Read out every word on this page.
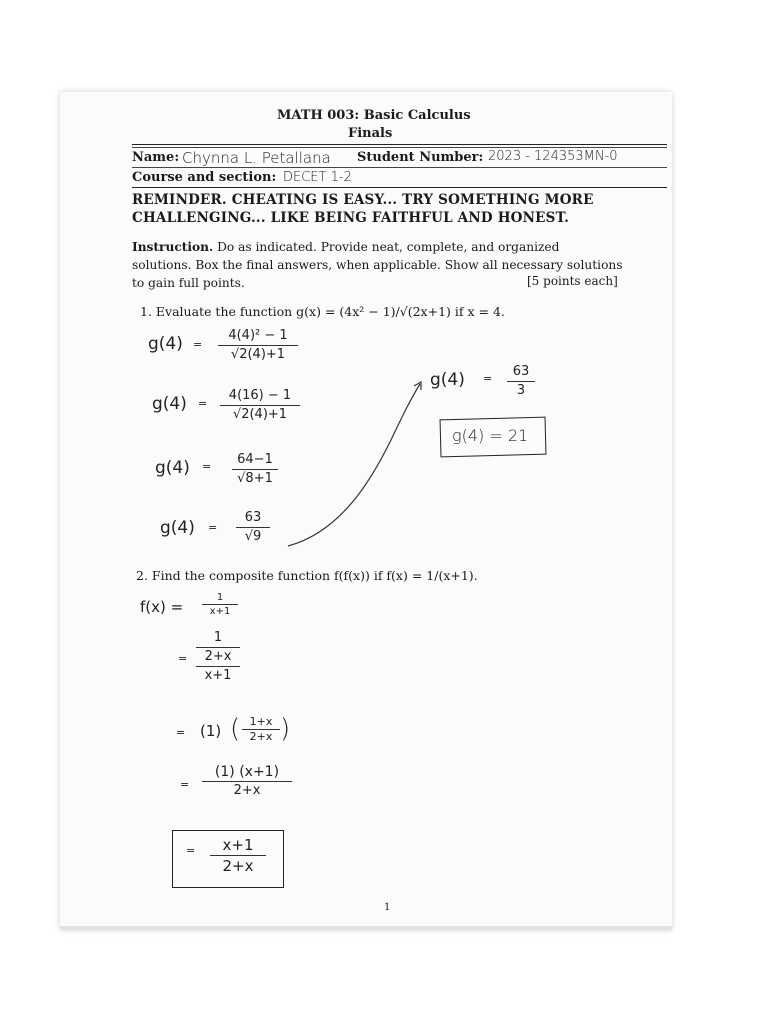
MATH 003: Basic Calculus
Finals
Name: Chynna L. Petallana Student Number: 2023 - 124353MN-0
Course and section: DECET 1-2
REMINDER. CHEATING IS EASY... TRY SOMETHING MORE
CHALLENGING... LIKE BEING FAITHFUL AND HONEST.
Instruction. Do as indicated. Provide neat, complete, and organized
solutions. Box the final answers, when applicable. Show all necessary solutions
to gain full points.	[5 points each]
1. Evaluate the function g(x) = (4x² − 1)/√(2x+1) if x = 4.
g(4) =
4(4)² − 1
√2(4)+1
g(4) =
4(16) − 1
√2(4)+1
g(4) =	64−1
√8+1
g(4) =
63
√9
g(4) =	63
3
g(4) = 21
2. Find the composite function f(f(x)) if f(x) = 1/(x+1).
f(x) =
1
x+1
=
1
2+x
x+1
= (1) ( 1+x
2+x )
=
(1) (x+1)
2+x
=	x+1
2+x
1
